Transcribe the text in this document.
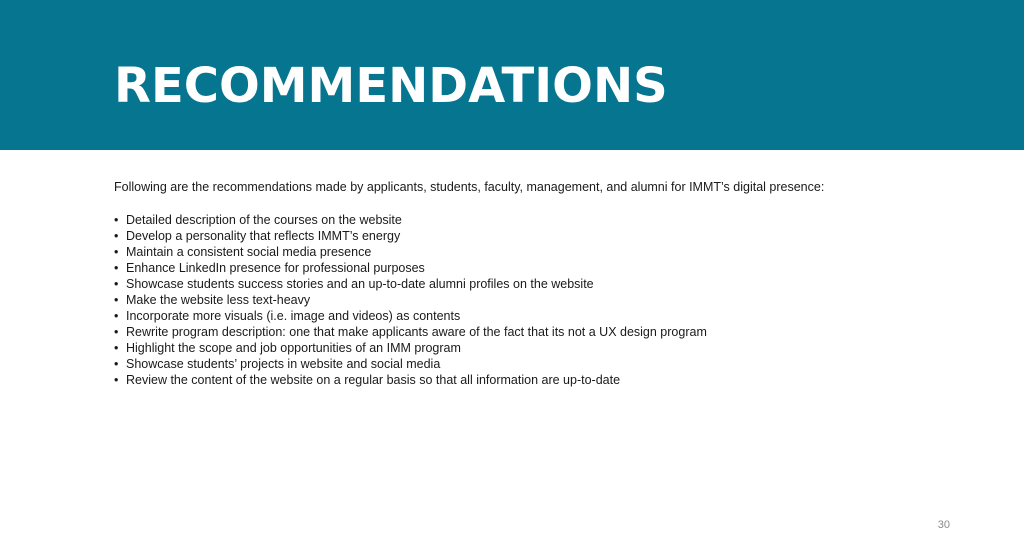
RECOMMENDATIONS

Following are the recommendations made by applicants, students, faculty, management, and alumni for IMMT’s digital presence:

• Detailed description of the courses on the website
• Develop a personality that reflects IMMT’s energy
• Maintain a consistent social media presence
• Enhance LinkedIn presence for professional purposes
• Showcase students success stories and an up-to-date alumni profiles on the website
• Make the website less text-heavy
• Incorporate more visuals (i.e. image and videos) as contents
• Rewrite program description: one that make applicants aware of the fact that its not a UX design program
• Highlight the scope and job opportunities of an IMM program
• Showcase students’ projects in website and social media
• Review the content of the website on a regular basis so that all information are up-to-date
30
